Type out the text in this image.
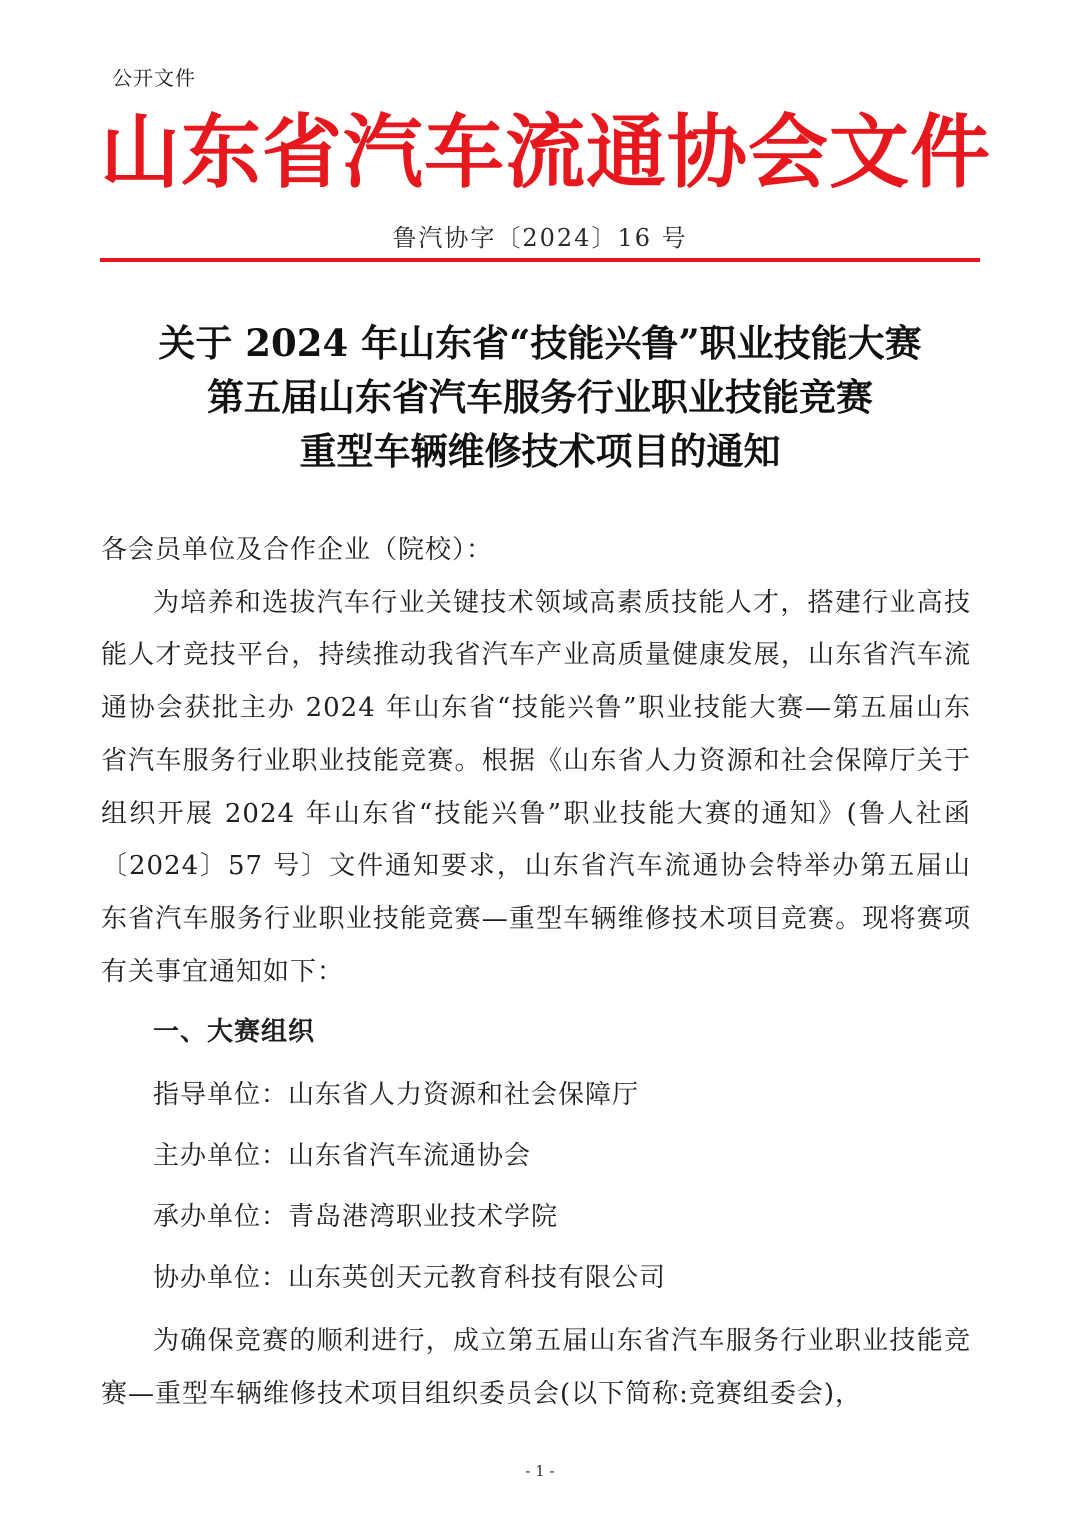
公开文件
山东省汽车流通协会文件
鲁汽协字〔2024〕16 号
关于 2024 年山东省“技能兴鲁”职业技能大赛
第五届山东省汽车服务行业职业技能竞赛
重型车辆维修技术项目的通知
各会员单位及合作企业（院校）：
为培养和选拔汽车行业关键技术领域高素质技能人才，搭建行业高技能人才竞技平台，持续推动我省汽车产业高质量健康发展，山东省汽车流通协会获批主办 2024 年山东省“技能兴鲁”职业技能大赛—第五届山东省汽车服务行业职业技能竞赛。根据《山东省人力资源和社会保障厅关于组织开展 2024 年山东省“技能兴鲁”职业技能大赛的通知》(鲁人社函〔2024〕57 号〕文件通知要求，山东省汽车流通协会特举办第五届山东省汽车服务行业职业技能竞赛—重型车辆维修技术项目竞赛。现将赛项有关事宜通知如下：
一、大赛组织
指导单位：山东省人力资源和社会保障厅
主办单位：山东省汽车流通协会
承办单位：青岛港湾职业技术学院
协办单位：山东英创天元教育科技有限公司
为确保竞赛的顺利进行，成立第五届山东省汽车服务行业职业技能竞赛—重型车辆维修技术项目组织委员会(以下简称:竞赛组委会)，
- 1 -
